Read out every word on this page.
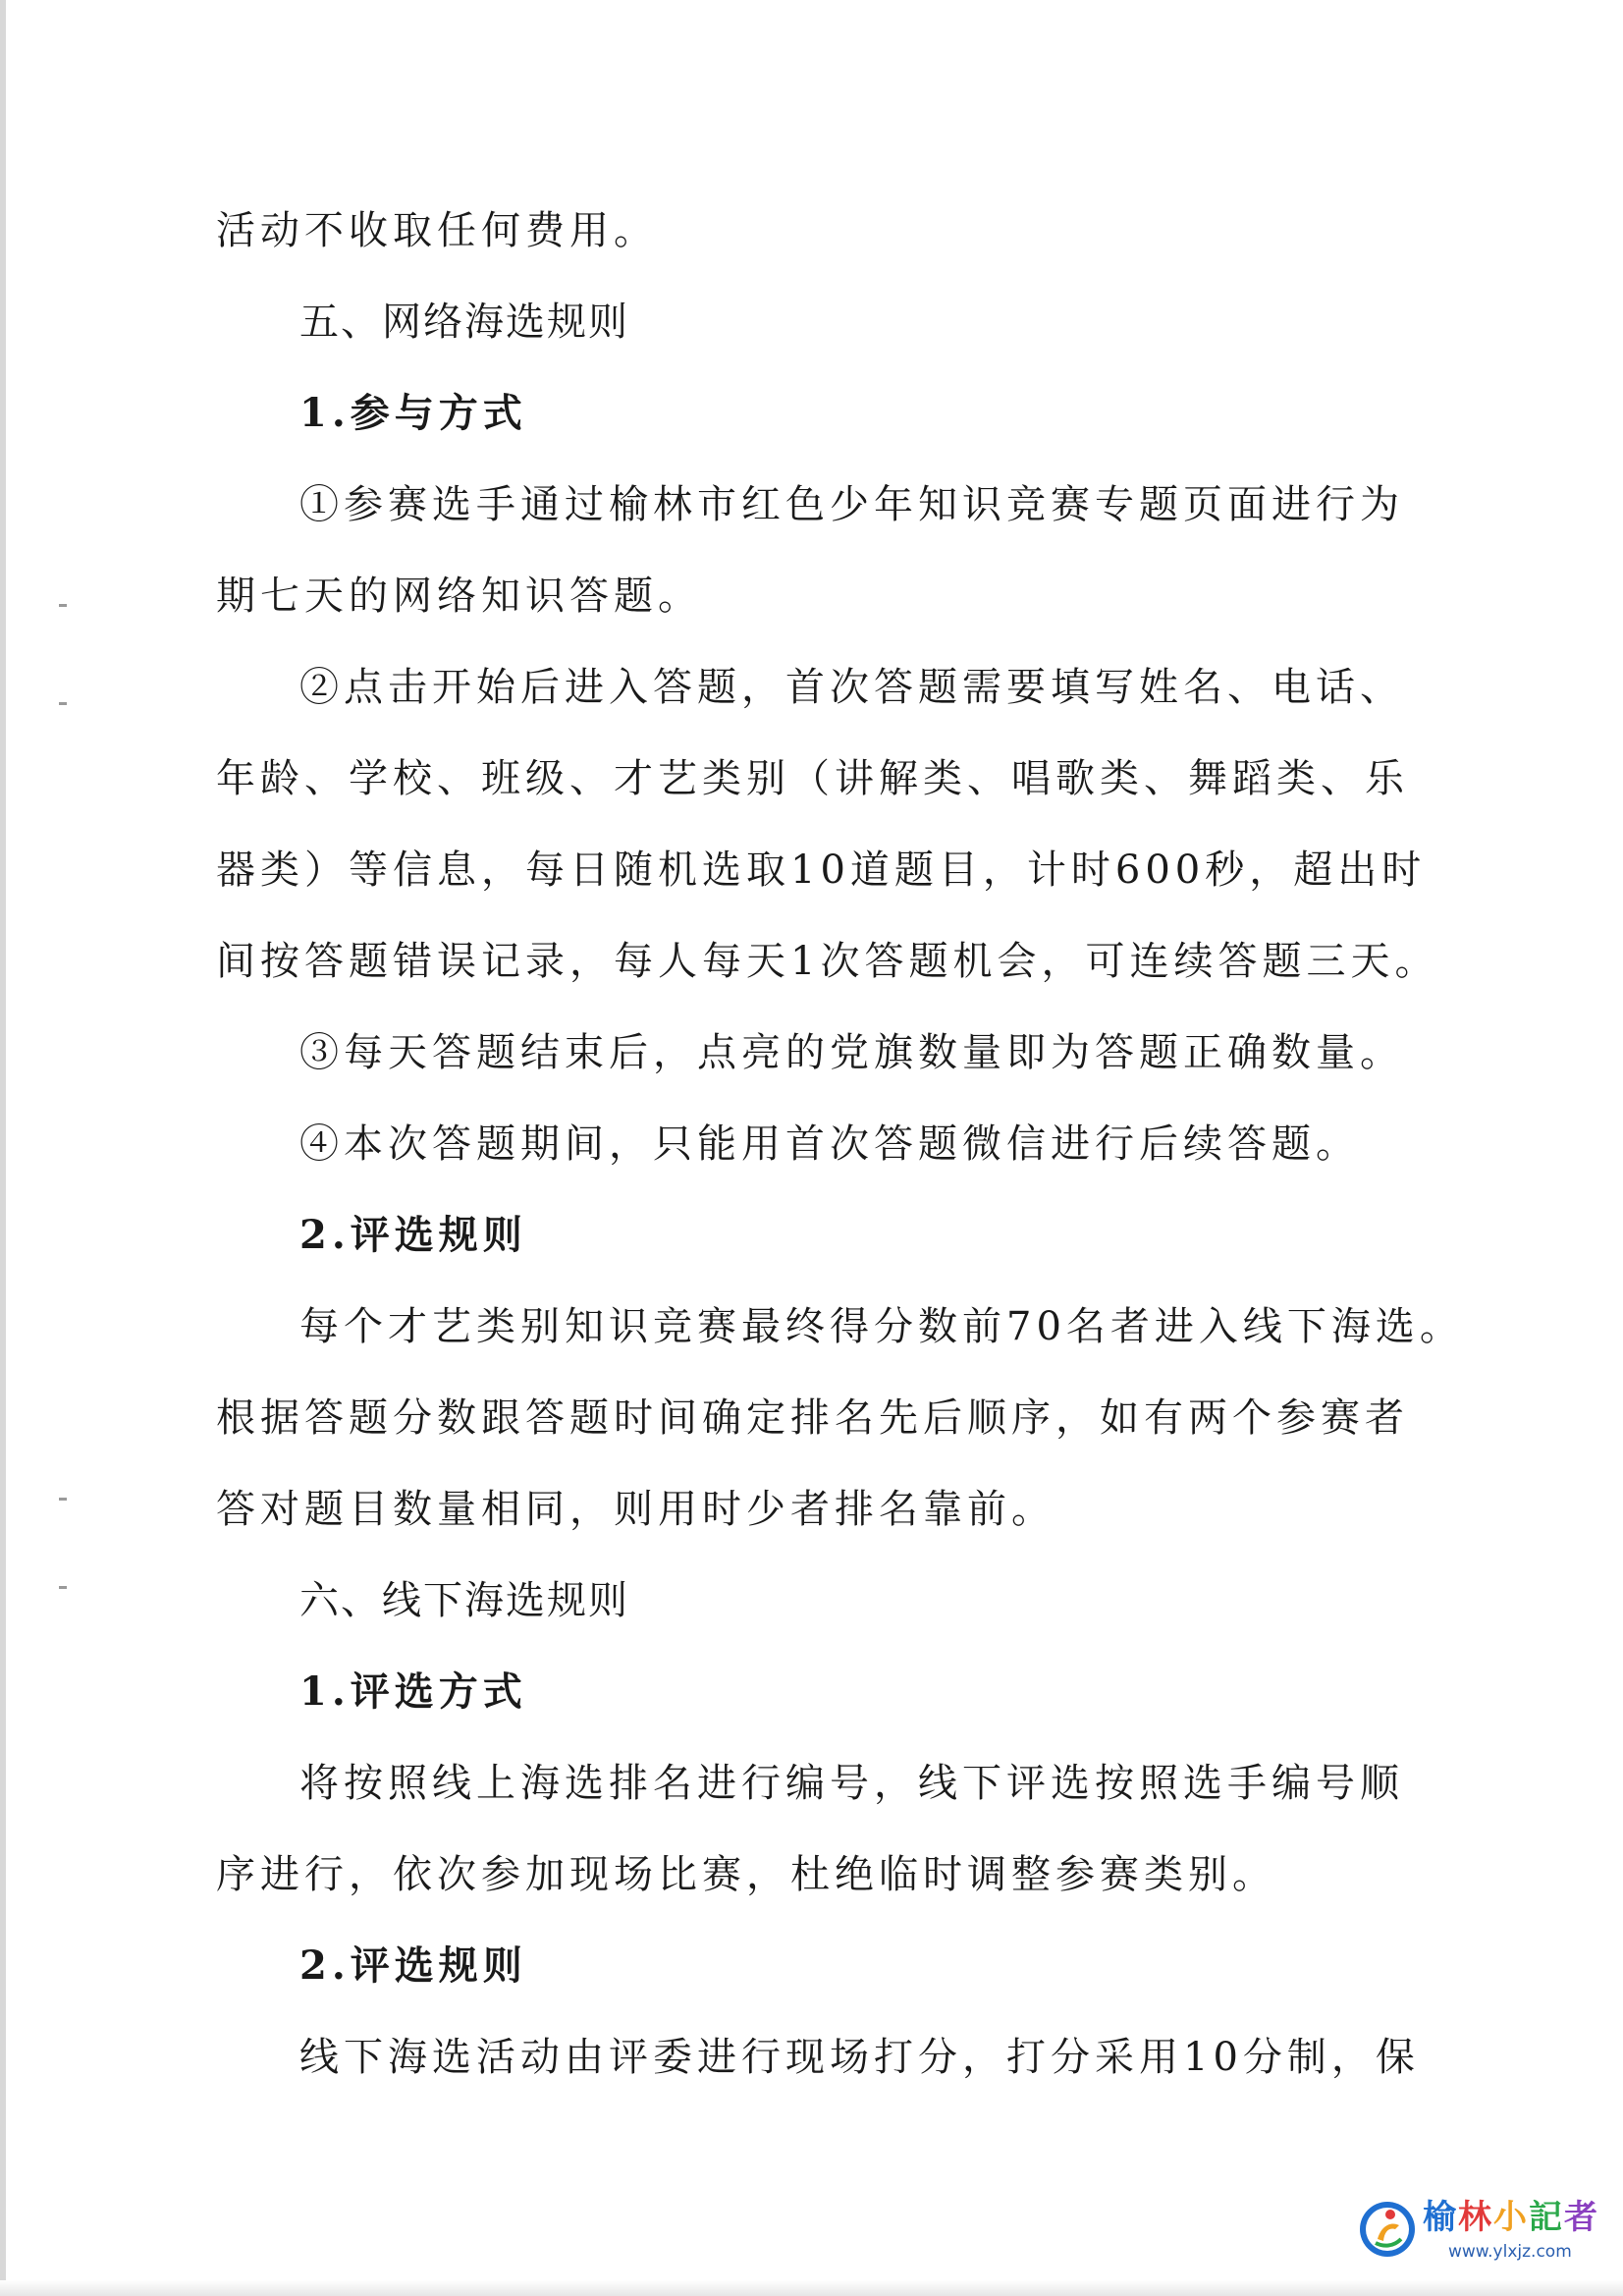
活动不收取任何费用。

五、网络海选规则
1.参与方式

①参赛选手通过榆林市红色少年知识竞赛专题页面进行为

期七天的网络知识答题。

②点击开始后进入答题，首次答题需要填写姓名、电话、

年龄、学校、班级、才艺类别（讲解类、唱歌类、舞蹈类、乐

器类）等信息，每日随机选取10道题目，计时600秒，超出时

间按答题错误记录，每人每天1次答题机会，可连续答题三天。

③每天答题结束后，点亮的党旗数量即为答题正确数量。

④本次答题期间，只能用首次答题微信进行后续答题。

2.评选规则

每个才艺类别知识竞赛最终得分数前70名者进入线下海选。

根据答题分数跟答题时间确定排名先后顺序，如有两个参赛者

答对题目数量相同，则用时少者排名靠前。

六、线下海选规则
1.评选方式

将按照线上海选排名进行编号，线下评选按照选手编号顺

序进行，依次参加现场比赛，杜绝临时调整参赛类别。

2.评选规则

线下海选活动由评委进行现场打分，打分采用10分制，保

榆林小記者
www.ylxjz.com
